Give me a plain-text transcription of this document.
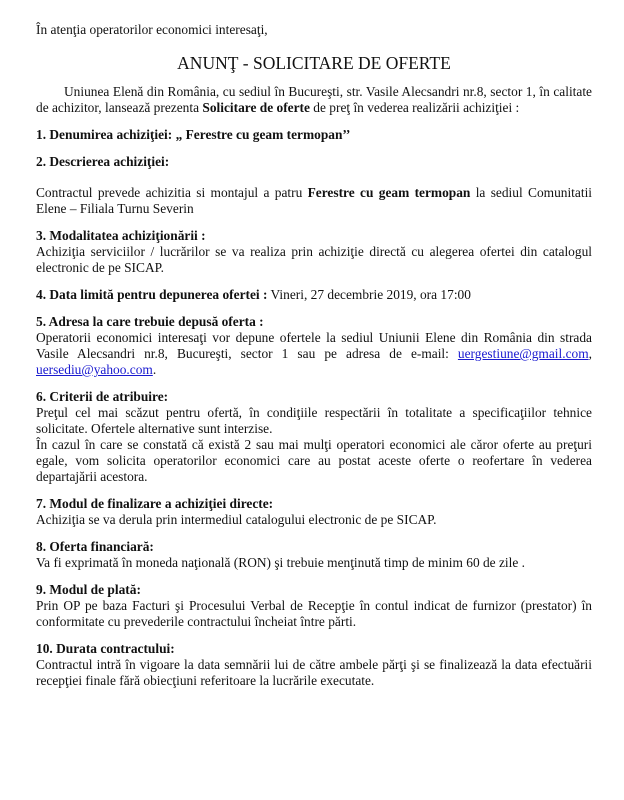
În atenţia operatorilor economici interesaţi,

ANUNŢ - SOLICITARE DE OFERTE

Uniunea Elenă din România, cu sediul în Bucureşti, str. Vasile Alecsandri nr.8, sector 1, în calitate de achizitor, lansează prezenta Solicitare de oferte de preţ în vederea realizării achiziţiei :

1. Denumirea achiziţiei: „ Ferestre cu geam termopan’’
2. Descrierea achiziţiei:

Contractul prevede achizitia si montajul a patru Ferestre cu geam termopan la sediul Comunitatii Elene – Filiala Turnu Severin

3. Modalitatea achiziţionării :

Achiziţia serviciilor / lucrărilor se va realiza prin achiziţie directă cu alegerea ofertei din catalogul electronic de pe SICAP.

4. Data limită pentru depunerea ofertei : Vineri, 27 decembrie 2019, ora 17:00

5. Adresa la care trebuie depusă oferta :

Operatorii economici interesaţi vor depune ofertele la sediul Uniunii Elene din România din strada Vasile Alecsandri nr.8, Bucureşti, sector 1 sau pe adresa de e-mail: uergestiune@gmail.com, uersediu@yahoo.com.

6. Criterii de atribuire:

Preţul cel mai scăzut pentru ofertă, în condiţiile respectării în totalitate a specificaţiilor tehnice solicitate. Ofertele alternative sunt interzise.

În cazul în care se constată că există 2 sau mai mulţi operatori economici ale căror oferte au preţuri egale, vom solicita operatorilor economici care au postat aceste oferte o reofertare în vederea departajării acestora.

7. Modul de finalizare a achiziţiei directe:

Achiziţia se va derula prin intermediul catalogului electronic de pe SICAP.

8. Oferta financiară:

Va fi exprimată în moneda naţională (RON) şi trebuie menţinută timp de minim 60 de zile .

9. Modul de plată:

Prin OP pe baza Facturi şi Procesului Verbal de Recepţie în contul indicat de furnizor (prestator) în conformitate cu prevederile contractului încheiat între părti.

10. Durata contractului:

Contractul intră în vigoare la data semnării lui de către ambele părţi şi se finalizează la data efectuării recepţiei finale fără obiecţiuni referitoare la lucrările executate.
